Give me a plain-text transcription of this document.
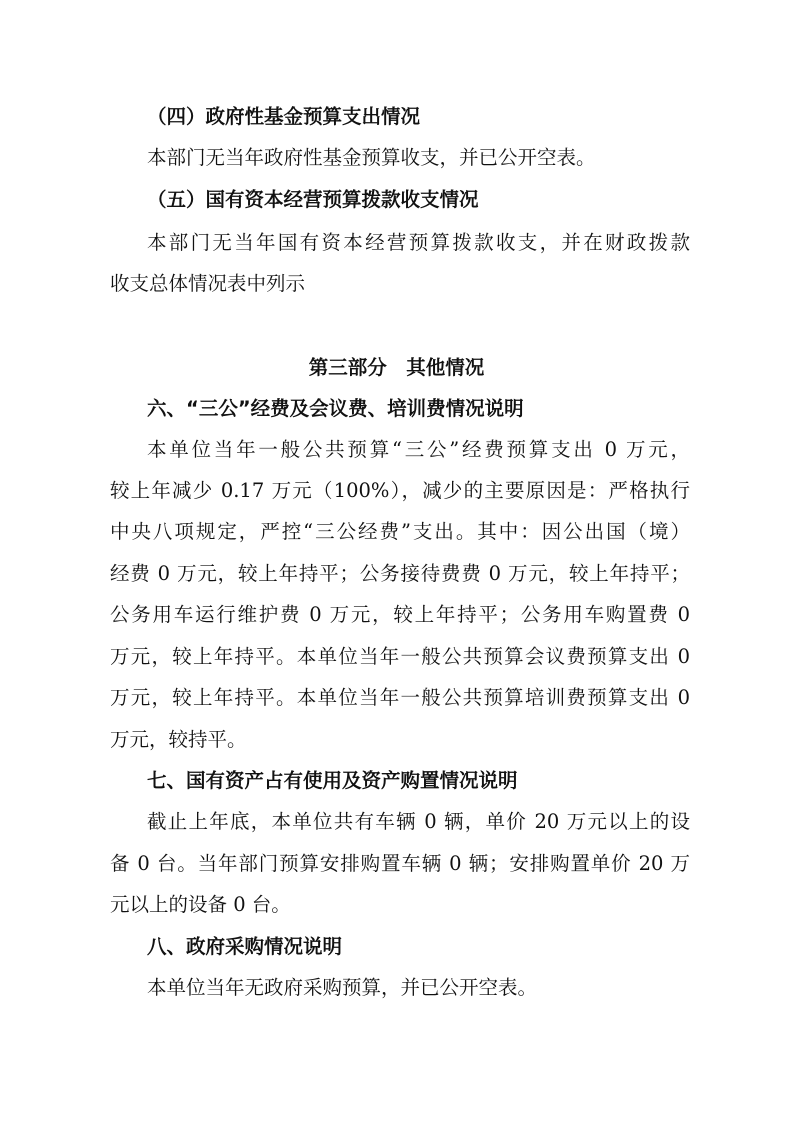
（四）政府性基金预算支出情况
本部门无当年政府性基金预算收支，并已公开空表。
（五）国有资本经营预算拨款收支情况
本部门无当年国有资本经营预算拨款收支，并在财政拨款
收支总体情况表中列示
第三部分　其他情况
六、“三公”经费及会议费、培训费情况说明
本单位当年一般公共预算“三公”经费预算支出 0 万元，
较上年减少 0.17 万元（100%），减少的主要原因是：严格执行
中央八项规定，严控“三公经费”支出。其中：因公出国（境）
经费 0 万元，较上年持平；公务接待费费 0 万元，较上年持平；
公务用车运行维护费 0 万元，较上年持平；公务用车购置费 0
万元，较上年持平。本单位当年一般公共预算会议费预算支出 0
万元，较上年持平。本单位当年一般公共预算培训费预算支出 0
万元，较持平。
七、国有资产占有使用及资产购置情况说明
截止上年底，本单位共有车辆 0 辆，单价 20 万元以上的设
备 0 台。当年部门预算安排购置车辆 0 辆；安排购置单价 20 万
元以上的设备 0 台。
八、政府采购情况说明
本单位当年无政府采购预算，并已公开空表。
